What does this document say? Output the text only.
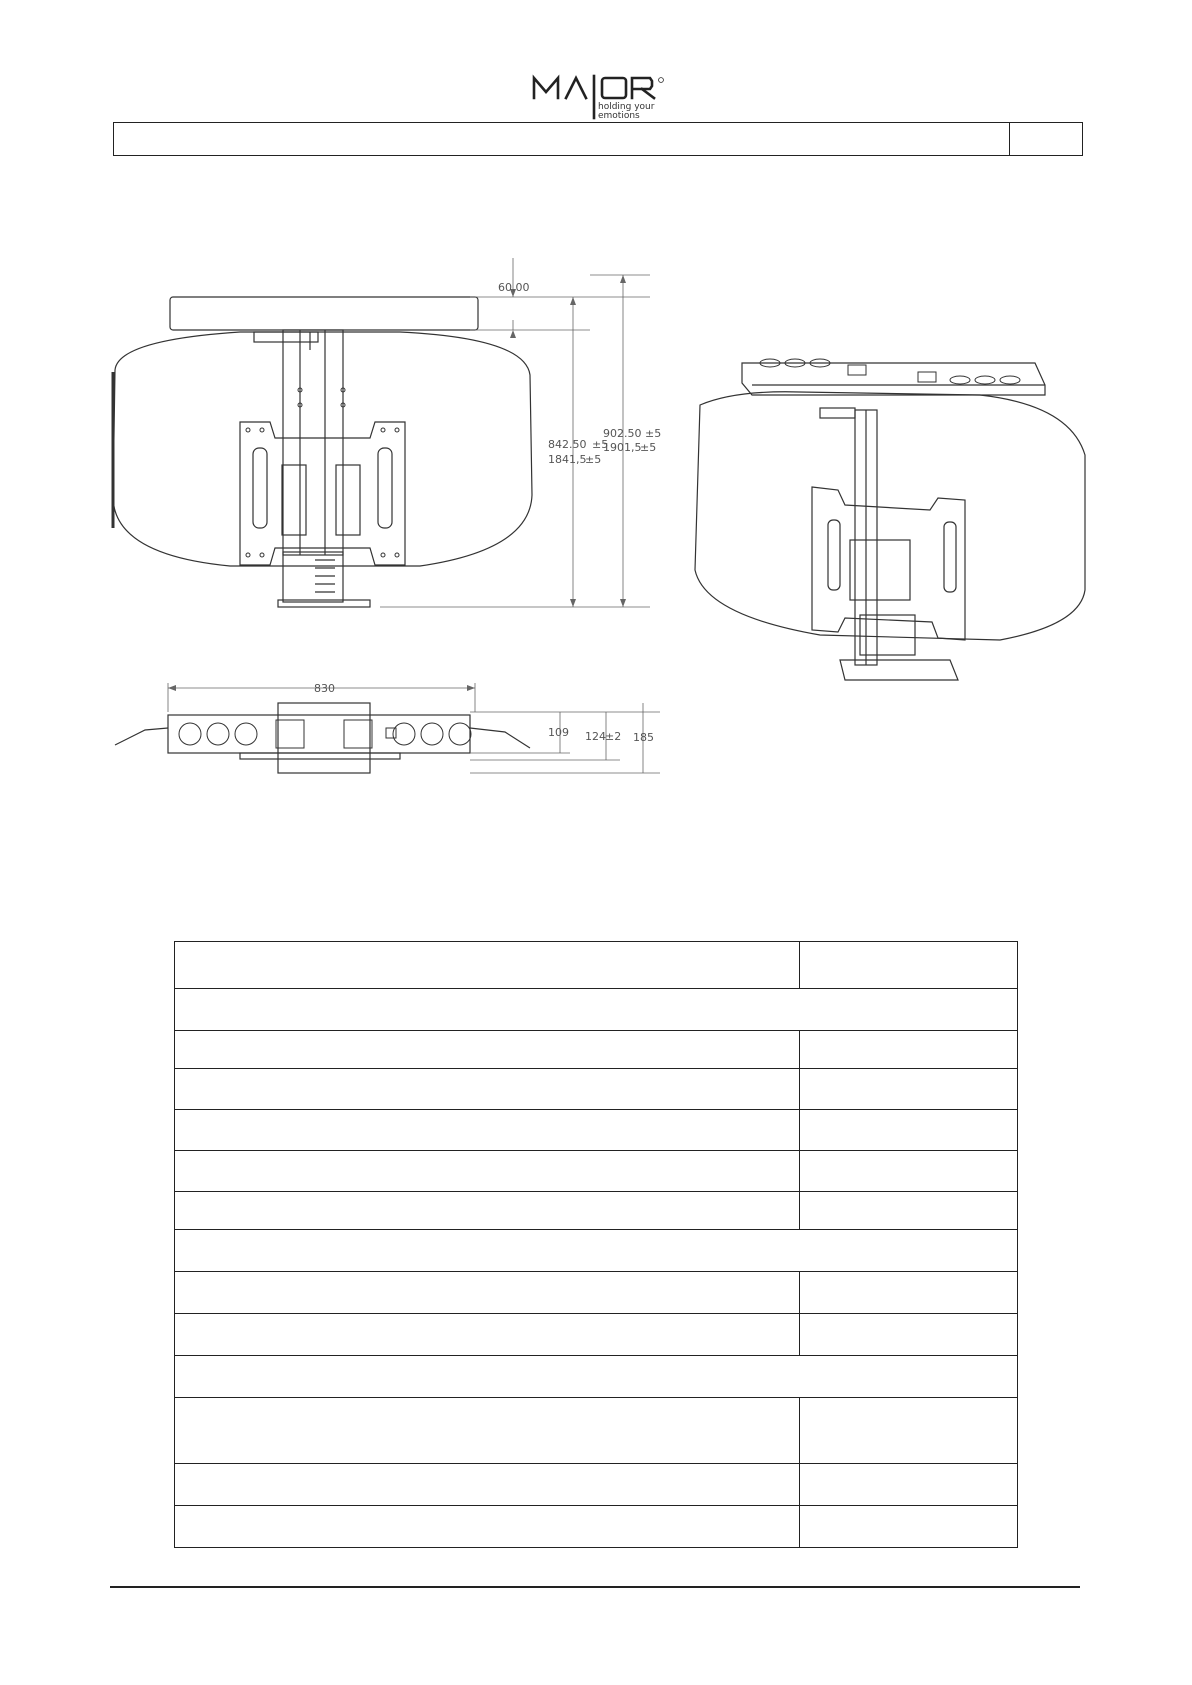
holding your
emotions
60.00
842.50 ±5
1841,5
±5
902.50 ±5
1901,5
±5
830
109 124 ±2 185
